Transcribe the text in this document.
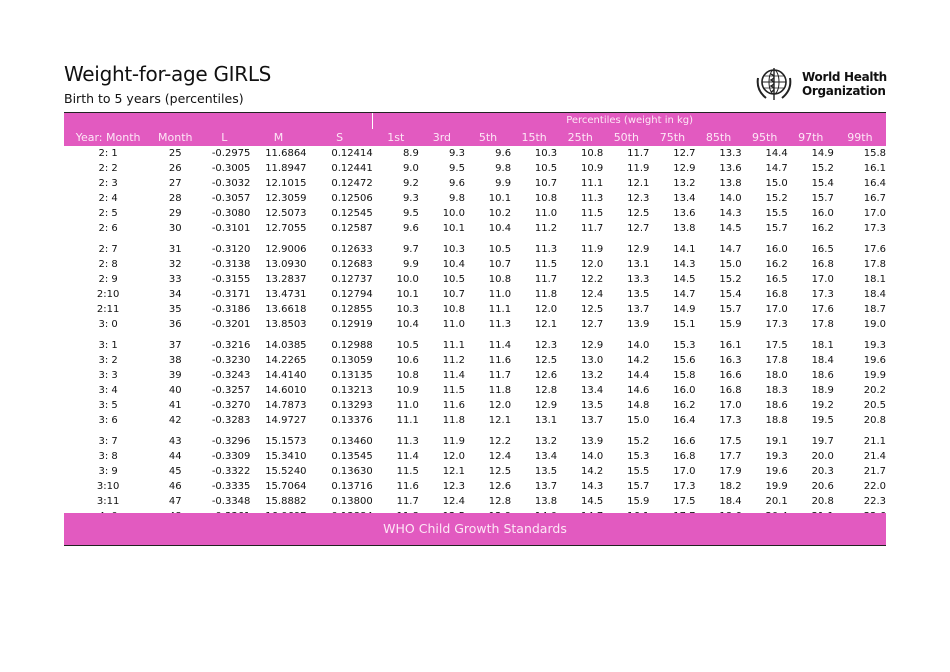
Weight-for-age GIRLS
Birth to 5 years (percentiles)
World Health
Organization
					Percentiles (weight in kg)										
Year: Month	Month	L	M	S	1st	3rd	5th	15th	25th	50th	75th	85th	95th	97th	99th
2: 1	25	-0.2975	11.6864	0.12414	8.9	9.3	9.6	10.3	10.8	11.7	12.7	13.3	14.4	14.9	15.8
2: 2	26	-0.3005	11.8947	0.12441	9.0	9.5	9.8	10.5	10.9	11.9	12.9	13.6	14.7	15.2	16.1
2: 3	27	-0.3032	12.1015	0.12472	9.2	9.6	9.9	10.7	11.1	12.1	13.2	13.8	15.0	15.4	16.4
2: 4	28	-0.3057	12.3059	0.12506	9.3	9.8	10.1	10.8	11.3	12.3	13.4	14.0	15.2	15.7	16.7
2: 5	29	-0.3080	12.5073	0.12545	9.5	10.0	10.2	11.0	11.5	12.5	13.6	14.3	15.5	16.0	17.0
2: 6	30	-0.3101	12.7055	0.12587	9.6	10.1	10.4	11.2	11.7	12.7	13.8	14.5	15.7	16.2	17.3

2: 7	31	-0.3120	12.9006	0.12633	9.7	10.3	10.5	11.3	11.9	12.9	14.1	14.7	16.0	16.5	17.6
2: 8	32	-0.3138	13.0930	0.12683	9.9	10.4	10.7	11.5	12.0	13.1	14.3	15.0	16.2	16.8	17.8
2: 9	33	-0.3155	13.2837	0.12737	10.0	10.5	10.8	11.7	12.2	13.3	14.5	15.2	16.5	17.0	18.1
2:10	34	-0.3171	13.4731	0.12794	10.1	10.7	11.0	11.8	12.4	13.5	14.7	15.4	16.8	17.3	18.4
2:11	35	-0.3186	13.6618	0.12855	10.3	10.8	11.1	12.0	12.5	13.7	14.9	15.7	17.0	17.6	18.7
3: 0	36	-0.3201	13.8503	0.12919	10.4	11.0	11.3	12.1	12.7	13.9	15.1	15.9	17.3	17.8	19.0

3: 1	37	-0.3216	14.0385	0.12988	10.5	11.1	11.4	12.3	12.9	14.0	15.3	16.1	17.5	18.1	19.3
3: 2	38	-0.3230	14.2265	0.13059	10.6	11.2	11.6	12.5	13.0	14.2	15.6	16.3	17.8	18.4	19.6
3: 3	39	-0.3243	14.4140	0.13135	10.8	11.4	11.7	12.6	13.2	14.4	15.8	16.6	18.0	18.6	19.9
3: 4	40	-0.3257	14.6010	0.13213	10.9	11.5	11.8	12.8	13.4	14.6	16.0	16.8	18.3	18.9	20.2
3: 5	41	-0.3270	14.7873	0.13293	11.0	11.6	12.0	12.9	13.5	14.8	16.2	17.0	18.6	19.2	20.5
3: 6	42	-0.3283	14.9727	0.13376	11.1	11.8	12.1	13.1	13.7	15.0	16.4	17.3	18.8	19.5	20.8

3: 7	43	-0.3296	15.1573	0.13460	11.3	11.9	12.2	13.2	13.9	15.2	16.6	17.5	19.1	19.7	21.1
3: 8	44	-0.3309	15.3410	0.13545	11.4	12.0	12.4	13.4	14.0	15.3	16.8	17.7	19.3	20.0	21.4
3: 9	45	-0.3322	15.5240	0.13630	11.5	12.1	12.5	13.5	14.2	15.5	17.0	17.9	19.6	20.3	21.7
3:10	46	-0.3335	15.7064	0.13716	11.6	12.3	12.6	13.7	14.3	15.7	17.3	18.2	19.9	20.6	22.0
3:11	47	-0.3348	15.8882	0.13800	11.7	12.4	12.8	13.8	14.5	15.9	17.5	18.4	20.1	20.8	22.3

WHO Child Growth Standards
